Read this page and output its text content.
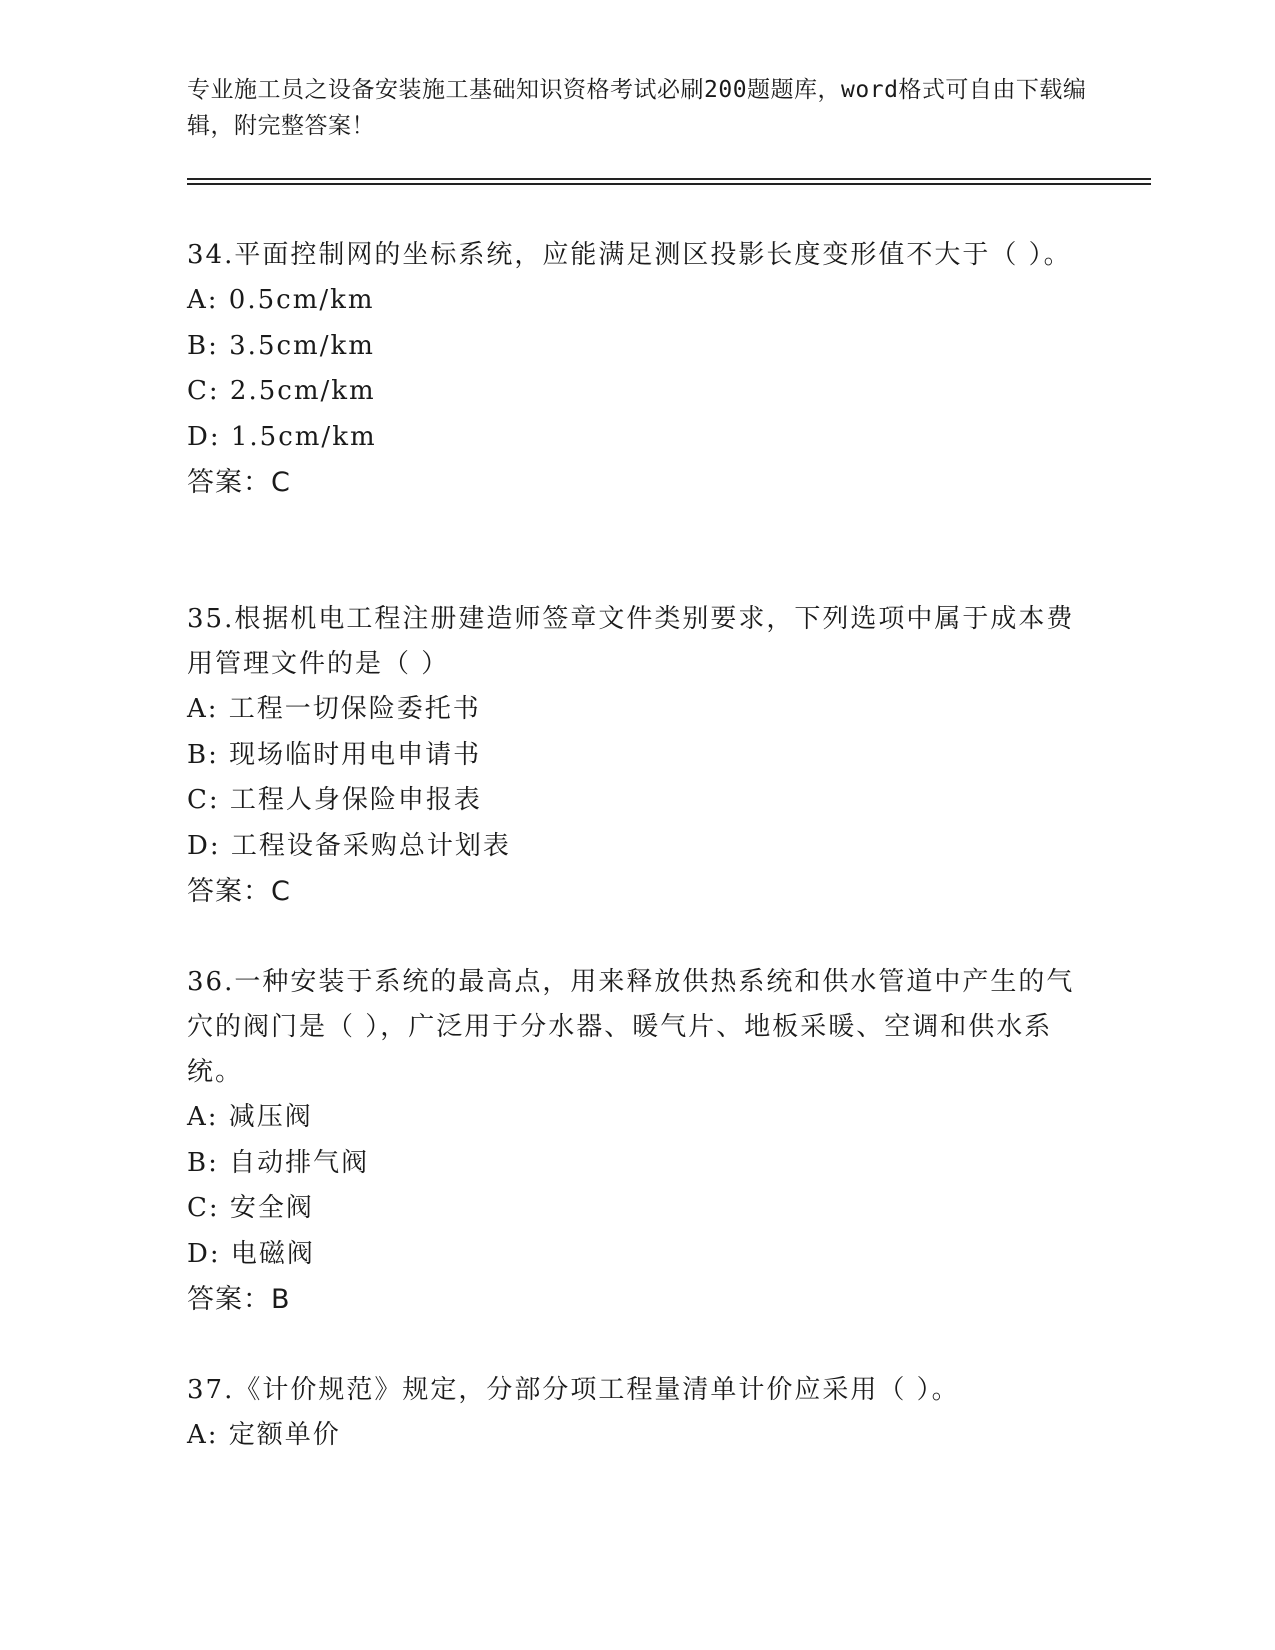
专业施工员之设备安装施工基础知识资格考试必刷200题题库，word格式可自由下载编辑，附完整答案！

34.平面控制网的坐标系统，应能满足测区投影长度变形值不大于（ ）。

A: 0.5cm/km
B: 3.5cm/km
C: 2.5cm/km
D: 1.5cm/km
答案：C

35.根据机电工程注册建造师签章文件类别要求，下列选项中属于成本费用管理文件的是（ ）

A: 工程一切保险委托书
B: 现场临时用电申请书
C: 工程人身保险申报表
D: 工程设备采购总计划表
答案：C

36.一种安装于系统的最高点，用来释放供热系统和供水管道中产生的气穴的阀门是（ ），广泛用于分水器、暖气片、地板采暖、空调和供水系统。

A: 减压阀
B: 自动排气阀
C: 安全阀
D: 电磁阀
答案：B

37.《计价规范》规定，分部分项工程量清单计价应采用（ ）。

A: 定额单价
